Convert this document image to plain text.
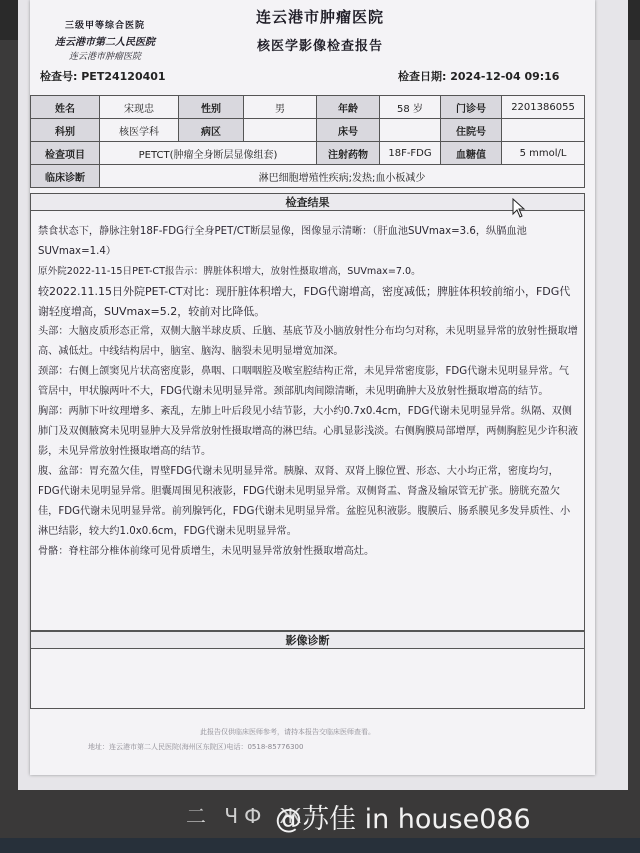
三级甲等综合医院
连云港市第二人民医院
连云港市肿瘤医院
连云港市肿瘤医院
核医学影像检查报告
检查号: PET24120401	检查日期: 2024-12-04 09:16
姓名	宋现忠	性别	男	年龄	58 岁	门诊号	2201386055
科别	核医学科	病区		床号		住院号	
检查项目	PETCT(肿瘤全身断层显像组套)			注射药物	18F-FDG	血糖值	5 mmol/L
临床诊断	淋巴细胞增殖性疾病;发热;血小板减少						
检查结果

禁食状态下，静脉注射18F-FDG行全身PET/CT断层显像，图像显示清晰：（肝血池SUVmax=3.6，纵膈血池SUVmax=1.4）

原外院2022-11-15日PET-CT报告示：脾脏体积增大，放射性摄取增高，SUVmax=7.0。

较2022.11.15日外院PET-CT对比：现肝脏体积增大，FDG代谢增高，密度减低；脾脏体积较前缩小，FDG代谢轻度增高，SUVmax=5.2，较前对比降低。

头部：大脑皮质形态正常，双侧大脑半球皮质、丘脑、基底节及小脑放射性分布均匀对称，未见明显异常的放射性摄取增高、减低灶。中线结构居中，脑室、脑沟、脑裂未见明显增宽加深。

颈部：右侧上颌窦见片状高密度影，鼻咽、口咽咽腔及喉室腔结构正常，未见异常密度影，FDG代谢未见明显异常。气管居中，甲状腺两叶不大，FDG代谢未见明显异常。颈部肌肉间隙清晰，未见明确肿大及放射性摄取增高的结节。

胸部：两肺下叶纹理增多、紊乱，左肺上叶后段见小结节影，大小约0.7x0.4cm，FDG代谢未见明显异常。纵隔、双侧肺门及双侧腋窝未见明显肿大及异常放射性摄取增高的淋巴结。心肌显影浅淡。右侧胸膜局部增厚，两侧胸腔见少许积液影，未见异常放射性摄取增高的结节。

腹、盆部：胃充盈欠佳，胃壁FDG代谢未见明显异常。胰腺、双肾、双肾上腺位置、形态、大小均正常，密度均匀，FDG代谢未见明显异常。胆囊周围见积液影，FDG代谢未见明显异常。双侧肾盂、肾盏及输尿管无扩张。膀胱充盈欠佳，FDG代谢未见明显异常。前列腺钙化，FDG代谢未见明显异常。盆腔见积液影。腹膜后、肠系膜见多发异质性、小淋巴结影，较大约1.0x0.6cm，FDG代谢未见明显异常。

骨骼：脊柱部分椎体前缘可见骨质增生，未见明显异常放射性摄取增高灶。

影像诊断
此报告仅供临床医师参考，请持本报告交临床医师查看。
地址：连云港市第二人民医院(海州区东院区)电话：0518-85776300
二 ЧФ Ж
@苏佳 in house086
